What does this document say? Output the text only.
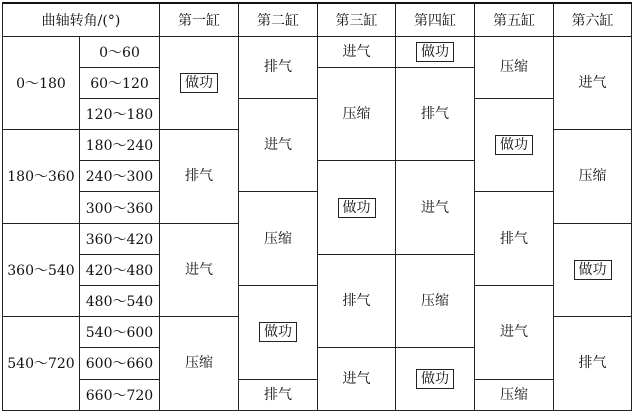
曲轴转角/(°)		第一缸	第二缸	第三缸	第四缸	第五缸	第六缸
0～180	0～60	做功	排气	进气	做功	压缩	进气
	60～120			压缩	排气		
	120～180		进气			做功	
180～360	180～240	排气					压缩
	240～300			做功	进气		
	300～360		压缩			排气	
360～540	360～420	进气					做功
	420～480			排气	压缩		
	480～540		做功			进气	
540～720	540～600	压缩					排气
	600～660			进气	做功		
	660～720		排气			压缩	
